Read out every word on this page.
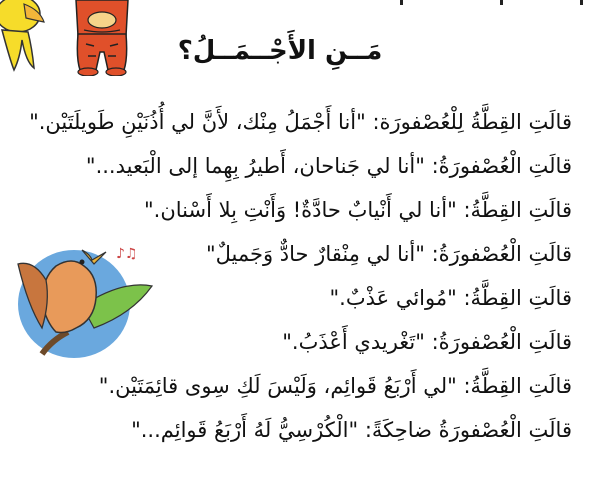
♪♫
مَــنِ الأَجْــمَــلُ؟
قالَتِ القِطَّةُ لِلْعُصْفورَة: "أنا أَجْمَلُ مِنْك، لأَنَّ لي أُذُنَيْنِ طَويلَتَيْن."
قالَتِ الْعُصْفورَةُ: "أنا لي جَناحان، أَطيرُ بِهِما إلى الْبَعيد..."
قالَتِ القِطَّةُ: "أنا لي أَنْيابٌ حادَّةٌ! وَأَنْتِ بِلا أَسْنان."
قالَتِ الْعُصْفورَةُ: "أنا لي مِنْقارٌ حادٌّ وَجَميلٌ"
قالَتِ القِطَّةُ: "مُوائي عَذْبٌ."
قالَتِ الْعُصْفورَةُ: "تَغْريدي أَعْذَبُ."
قالَتِ القِطَّةُ: "لي أَرْبَعُ قَوائِم، وَلَيْسَ لَكِ سِوى قائِمَتَيْن."
قالَتِ الْعُصْفورَةُ ضاحِكَةً: "الْكُرْسِيُّ لَهُ أَرْبَعُ قَوائِم..."
